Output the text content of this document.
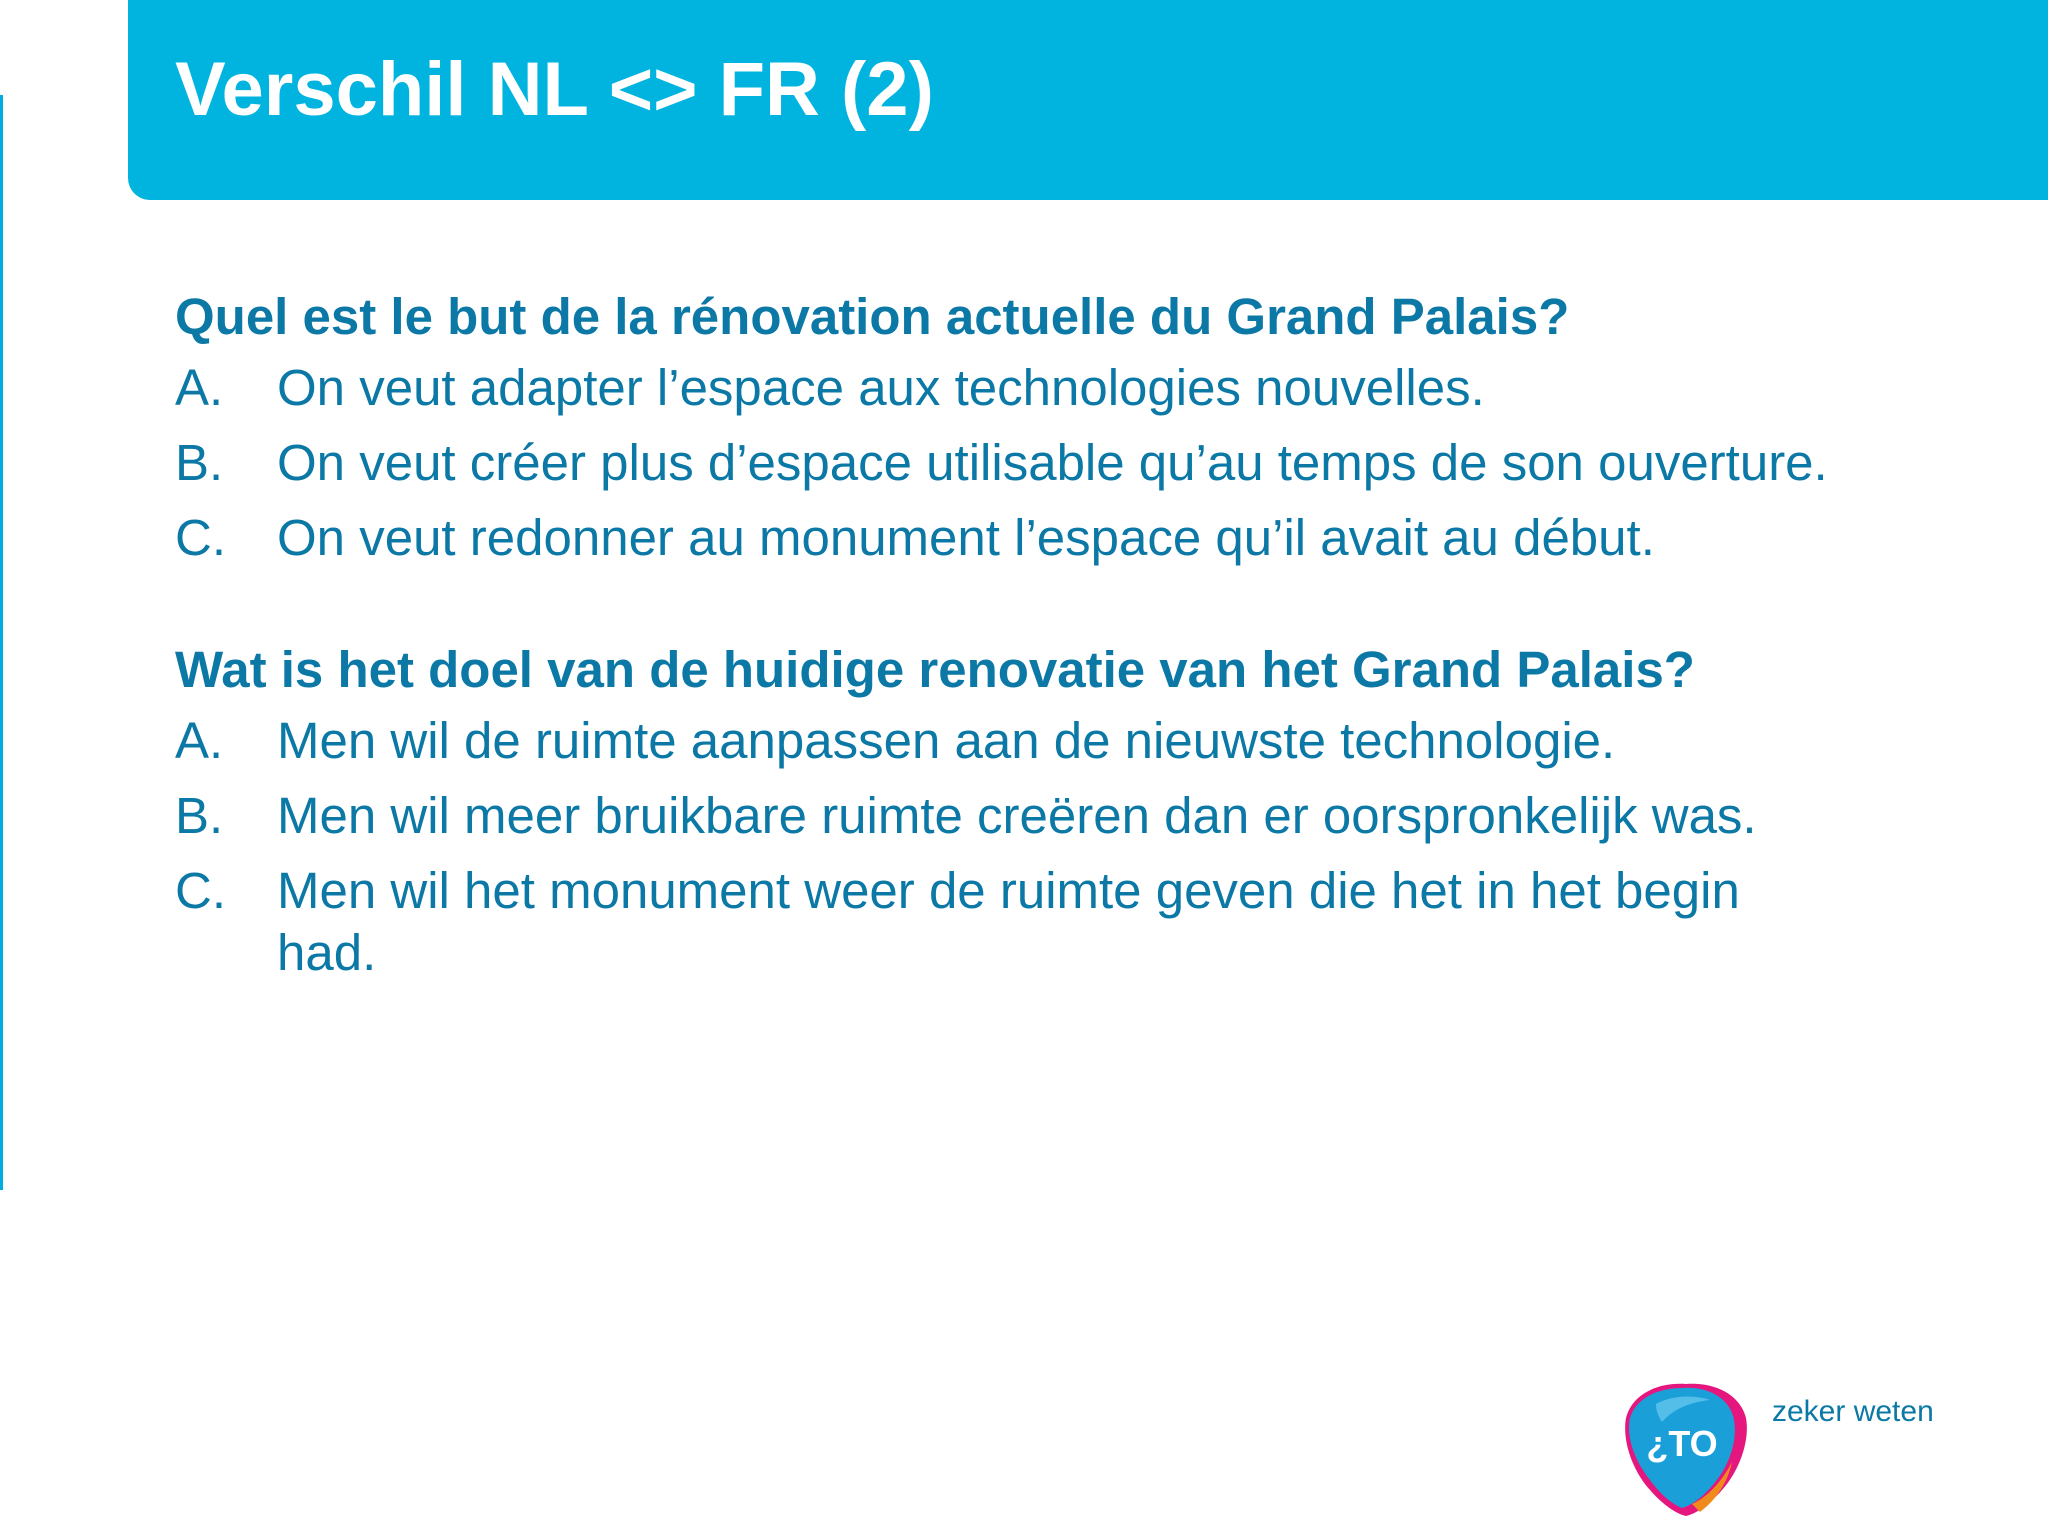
Verschil NL <> FR (2)

Quel est le but de la rénovation actuelle du Grand Palais?

A.	On veut adapter l’espace aux technologies nouvelles.
B.	On veut créer plus d’espace utilisable qu’au temps de son ouverture.
C.	On veut redonner au monument l’espace qu’il avait au début.

Wat is het doel van de huidige renovatie van het Grand Palais?

A.	Men wil de ruimte aanpassen aan de nieuwste technologie.
B.	Men wil meer bruikbare ruimte creëren dan er oorspronkelijk was.
C.	Men wil het monument weer de ruimte geven die het in het begin had.
¿TO

zeker weten
